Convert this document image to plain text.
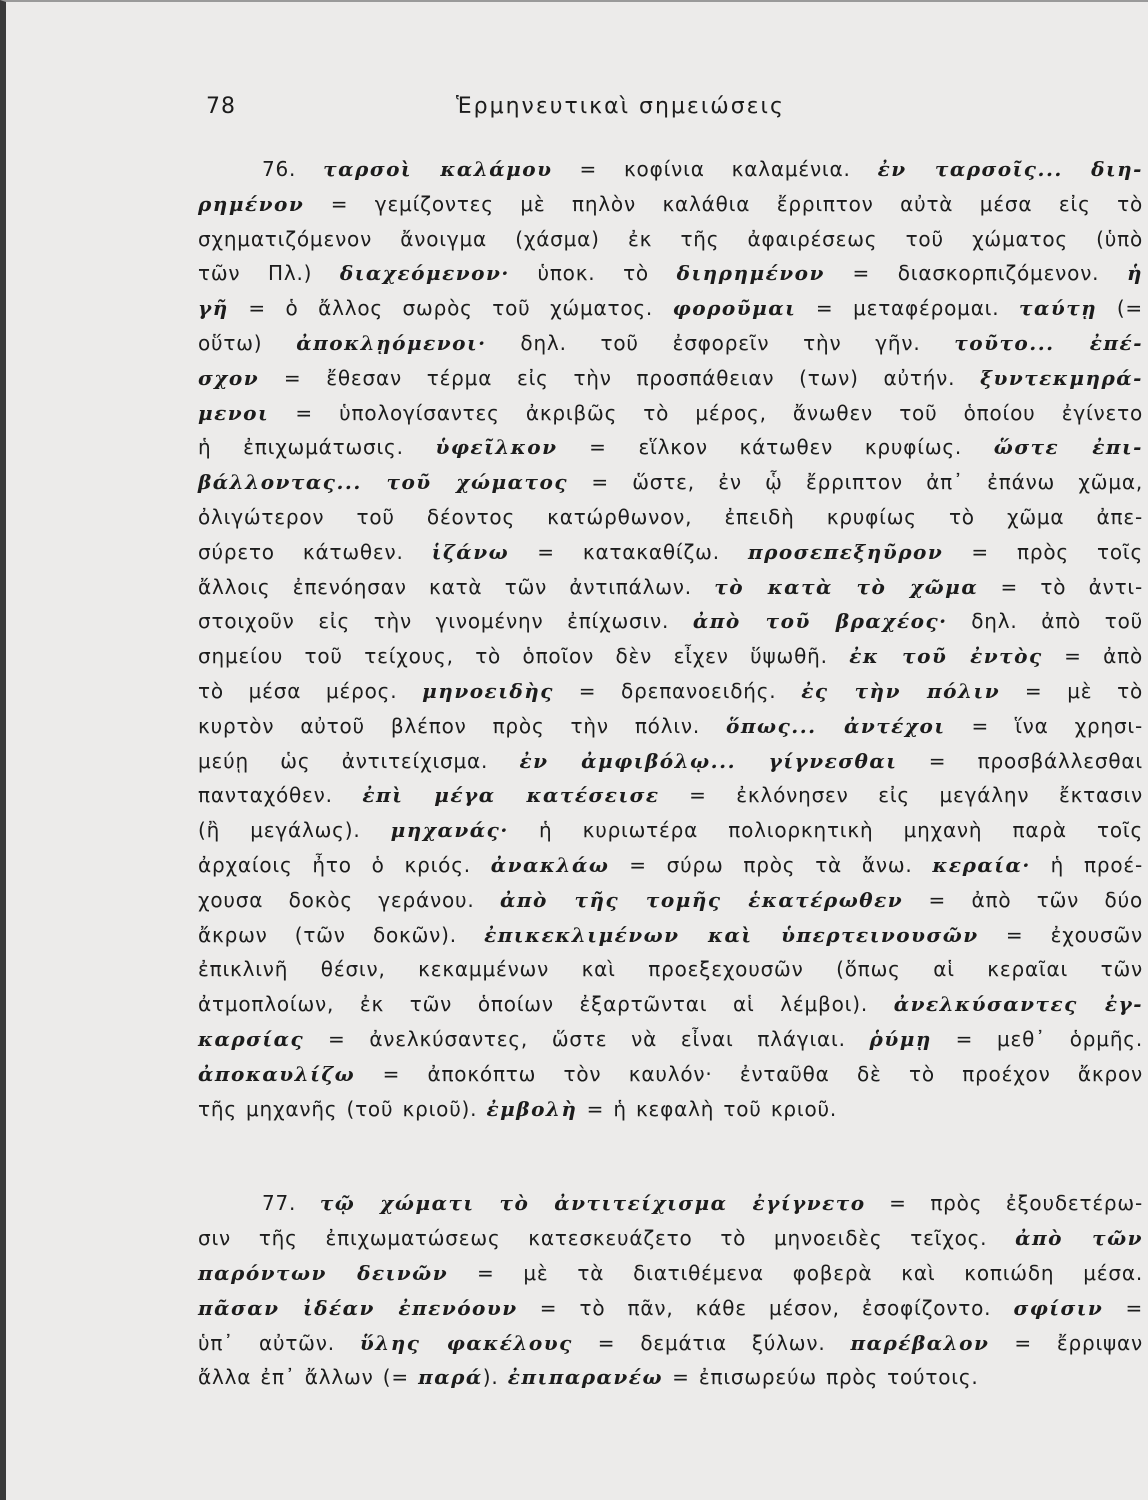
78	Ἑρμηνευτικαὶ σημειώσεις
76. ταρσοὶ καλάμου = κοφίνια καλαμένια. ἐν ταρσοῖς... διη-
ρημένον = γεμίζοντες μὲ πηλὸν καλάθια ἔρριπτον αὐτὰ μέσα εἰς τὸ
σχηματιζόμενον ἄνοιγμα (χάσμα) ἐκ τῆς ἀφαιρέσεως τοῦ χώματος (ὑπὸ
τῶν Πλ.) διαχεόμενον· ὑποκ. τὸ διηρημένον = διασκορπιζόμενον. ἡ
γῆ = ὁ ἄλλος σωρὸς τοῦ χώματος. φοροῦμαι = μεταφέρομαι. ταύτῃ (=
οὕτω) ἀποκλῃόμενοι· δηλ. τοῦ ἐσφορεῖν τὴν γῆν. τοῦτο... ἐπέ-
σχον = ἔθεσαν τέρμα εἰς τὴν προσπάθειαν (των) αὐτήν. ξυντεκμηρά-
μενοι = ὑπολογίσαντες ἀκριβῶς τὸ μέρος, ἄνωθεν τοῦ ὁποίου ἐγίνετο
ἡ ἐπιχωμάτωσις. ὑφεῖλκον = εἵλκον κάτωθεν κρυφίως. ὥστε ἐπι-
βάλλοντας... τοῦ χώματος = ὥστε, ἐν ᾧ ἔρριπτον ἀπ᾽ ἐπάνω χῶμα,
ὀλιγώτερον τοῦ δέοντος κατώρθωνον, ἐπειδὴ κρυφίως τὸ χῶμα ἀπε-
σύρετο κάτωθεν. ἱζάνω = κατακαθίζω. προσεπεξηῦρον = πρὸς τοῖς
ἄλλοις ἐπενόησαν κατὰ τῶν ἀντιπάλων. τὸ κατὰ τὸ χῶμα = τὸ ἀντι-
στοιχοῦν εἰς τὴν γινομένην ἐπίχωσιν. ἀπὸ τοῦ βραχέος· δηλ. ἀπὸ τοῦ
σημείου τοῦ τείχους, τὸ ὁποῖον δὲν εἶχεν ὕψωθῆ. ἐκ τοῦ ἐντὸς = ἀπὸ
τὸ μέσα μέρος. μηνοειδὴς = δρεπανοειδής. ἐς τὴν πόλιν = μὲ τὸ
κυρτὸν αὐτοῦ βλέπον πρὸς τὴν πόλιν. ὅπως... ἀντέχοι = ἵνα χρησι-
μεύῃ ὡς ἀντιτείχισμα. ἐν ἀμφιβόλῳ... γίγνεσθαι = προσβάλλεσθαι
πανταχόθεν. ἐπὶ μέγα κατέσεισε = ἐκλόνησεν εἰς μεγάλην ἔκτασιν
(ἢ μεγάλως). μηχανάς· ἡ κυριωτέρα πολιορκητικὴ μηχανὴ παρὰ τοῖς
ἀρχαίοις ἦτο ὁ κριός. ἀνακλάω = σύρω πρὸς τὰ ἄνω. κεραία· ἡ προέ-
χουσα δοκὸς γεράνου. ἀπὸ τῆς τομῆς ἑκατέρωθεν = ἀπὸ τῶν δύο
ἄκρων (τῶν δοκῶν). ἐπικεκλιμένων καὶ ὑπερτεινουσῶν = ἐχουσῶν
ἐπικλινῆ θέσιν, κεκαμμένων καὶ προεξεχουσῶν (ὅπως αἱ κεραῖαι τῶν
ἀτμοπλοίων, ἐκ τῶν ὁποίων ἐξαρτῶνται αἱ λέμβοι). ἀνελκύσαντες ἐγ-
καρσίας = ἀνελκύσαντες, ὥστε νὰ εἶναι πλάγιαι. ῥύμῃ = μεθ᾽ ὁρμῆς.
ἀποκαυλίζω = ἀποκόπτω τὸν καυλόν· ἐνταῦθα δὲ τὸ προέχον ἄκρον
τῆς μηχανῆς (τοῦ κριοῦ). ἐμβολὴ = ἡ κεφαλὴ τοῦ κριοῦ.
77. τῷ χώματι τὸ ἀντιτείχισμα ἐγίγνετο = πρὸς ἐξουδετέρω-
σιν τῆς ἐπιχωματώσεως κατεσκευάζετο τὸ μηνοειδὲς τεῖχος. ἀπὸ τῶν
παρόντων δεινῶν = μὲ τὰ διατιθέμενα φοβερὰ καὶ κοπιώδη μέσα.
πᾶσαν ἰδέαν ἐπενόουν = τὸ πᾶν, κάθε μέσον, ἐσοφίζοντο. σφίσιν =
ὑπ᾽ αὐτῶν. ὕλης φακέλους = δεμάτια ξύλων. παρέβαλον = ἔρριψαν
ἄλλα ἐπ᾽ ἄλλων (= παρά). ἐπιπαρανέω = ἐπισωρεύω πρὸς τούτοις.
